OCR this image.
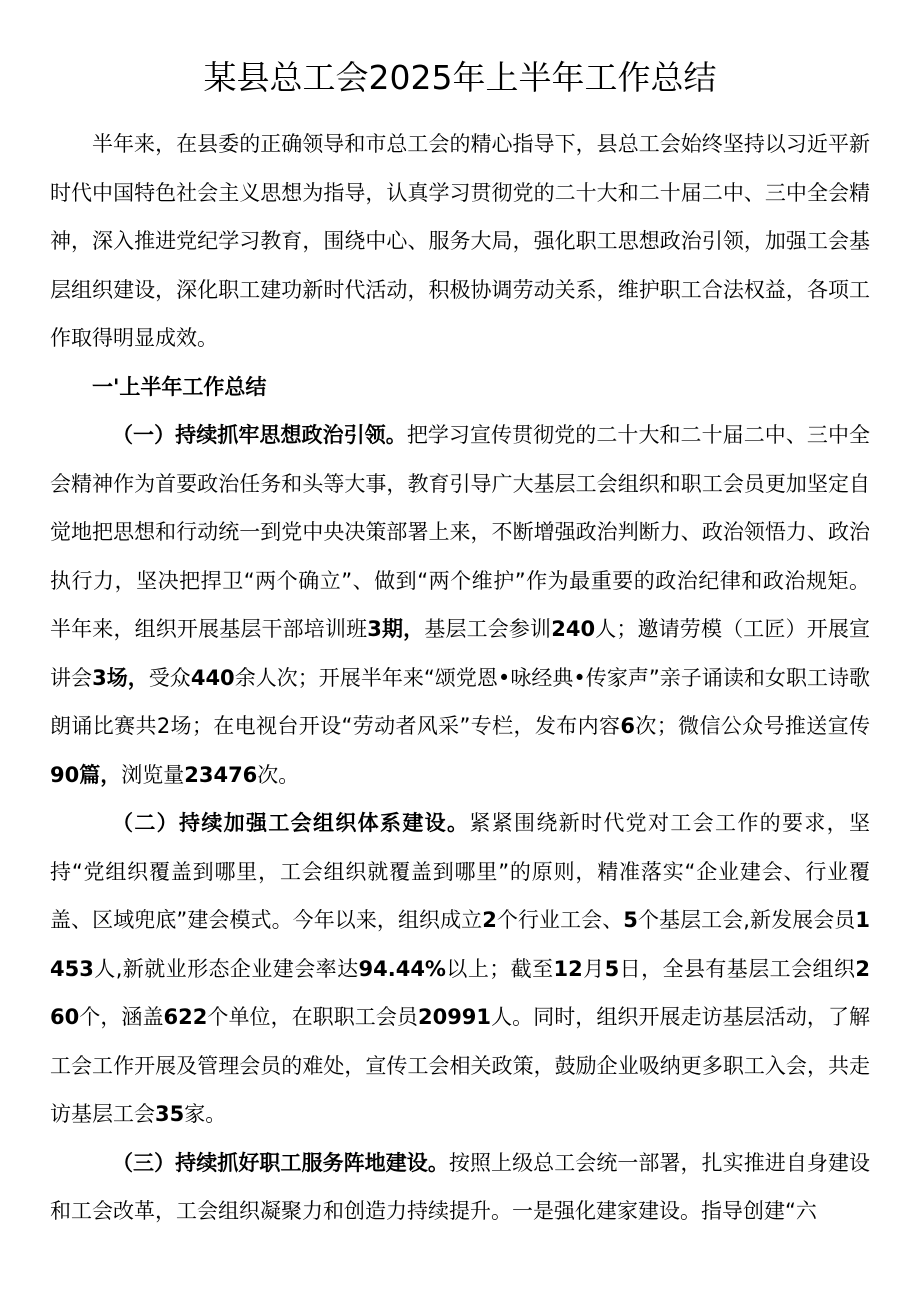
某县总工会2025年上半年工作总结

半年来，在县委的正确领导和市总工会的精心指导下，县总工会始终坚持以习近平新时代中国特色社会主义思想为指导，认真学习贯彻党的二十大和二十届二中、三中全会精神，深入推进党纪学习教育，围绕中心、服务大局，强化职工思想政治引领，加强工会基层组织建设，深化职工建功新时代活动，积极协调劳动关系，维护职工合法权益，各项工作取得明显成效。

一'上半年工作总结

（一）持续抓牢思想政治引领。把学习宣传贯彻党的二十大和二十届二中、三中全会精神作为首要政治任务和头等大事，教育引导广大基层工会组织和职工会员更加坚定自觉地把思想和行动统一到党中央决策部署上来，不断增强政治判断力、政治领悟力、政治执行力，坚决把捍卫“两个确立”、做到“两个维护”作为最重要的政治纪律和政治规矩。半年来，组织开展基层干部培训班3期，基层工会参训240人；邀请劳模（工匠）开展宣讲会3场，受众440余人次；开展半年来“颂党恩•咏经典•传家声”亲子诵读和女职工诗歌朗诵比赛共2场；在电视台开设“劳动者风采”专栏，发布内容6次；微信公众号推送宣传90篇，浏览量23476次。

（二）持续加强工会组织体系建设。紧紧围绕新时代党对工会工作的要求，坚持“党组织覆盖到哪里，工会组织就覆盖到哪里”的原则，精准落实“企业建会、行业覆盖、区域兜底”建会模式。今年以来，组织成立2个行业工会、5个基层工会,新发展会员1453人,新就业形态企业建会率达94.44%以上；截至12月5日，全县有基层工会组织260个，涵盖622个单位，在职职工会员20991人。同时，组织开展走访基层活动，了解工会工作开展及管理会员的难处，宣传工会相关政策，鼓励企业吸纳更多职工入会，共走访基层工会35家。

（三）持续抓好职工服务阵地建设。按照上级总工会统一部署，扎实推进自身建设和工会改革，工会组织凝聚力和创造力持续提升。一是强化建家建设。指导创建“六
